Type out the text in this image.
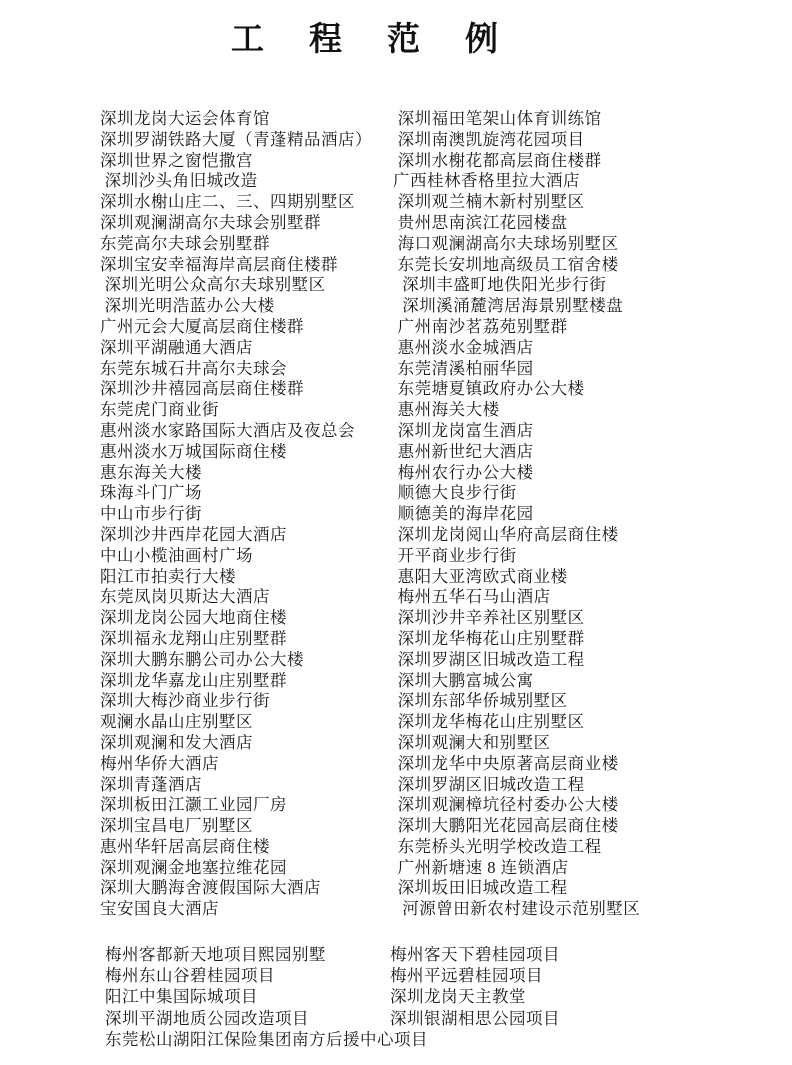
工　程　范　例
深圳龙岗大运会体育馆	深圳福田笔架山体育训练馆
深圳罗湖铁路大厦（青蓬精品酒店）	深圳南澳凯旋湾花园项目
深圳世界之窗恺撒宫	深圳水榭花都高层商住楼群
深圳沙头角旧城改造	广西桂林香格里拉大酒店
深圳水榭山庄二、三、四期别墅区	深圳观兰楠木新村别墅区
深圳观澜湖高尔夫球会别墅群	贵州思南滨江花园楼盘
东莞高尔夫球会别墅群	海口观澜湖高尔夫球场别墅区
深圳宝安幸福海岸高层商住楼群	东莞长安圳地高级员工宿舍楼
深圳光明公众高尔夫球别墅区	深圳丰盛町地佚阳光步行街
深圳光明浩蓝办公大楼	深圳溪涌麓湾居海景别墅楼盘
广州元会大厦高层商住楼群	广州南沙茗荔苑别墅群
深圳平湖融通大酒店	惠州淡水金城酒店
东莞东城石井高尔夫球会	东莞清溪柏丽华园
深圳沙井禧园高层商住楼群	东莞塘夏镇政府办公大楼
东莞虎门商业街	惠州海关大楼
惠州淡水家路国际大酒店及夜总会	深圳龙岗富生酒店
惠州淡水万城国际商住楼	惠州新世纪大酒店
惠东海关大楼	梅州农行办公大楼
珠海斗门广场	顺德大良步行街
中山市步行街	顺德美的海岸花园
深圳沙井西岸花园大酒店	深圳龙岗阅山华府高层商住楼
中山小榄油画村广场	开平商业步行街
阳江市拍卖行大楼	惠阳大亚湾欧式商业楼
东莞凤岗贝斯达大酒店	梅州五华石马山酒店
深圳龙岗公园大地商住楼	深圳沙井辛养社区别墅区
深圳福永龙翔山庄别墅群	深圳龙华梅花山庄别墅群
深圳大鹏东鹏公司办公大楼	深圳罗湖区旧城改造工程
深圳龙华嘉龙山庄别墅群	深圳大鹏富城公寓
深圳大梅沙商业步行街	深圳东部华侨城别墅区
观澜水晶山庄别墅区	深圳龙华梅花山庄别墅区
深圳观澜和发大酒店	深圳观澜大和别墅区
梅州华侨大酒店	深圳龙华中央原著高层商业楼
深圳青蓬酒店	深圳罗湖区旧城改造工程
深圳板田江灏工业园厂房	深圳观澜樟坑径村委办公大楼
深圳宝昌电厂别墅区	深圳大鹏阳光花园高层商住楼
惠州华轩居高层商住楼	东莞桥头光明学校改造工程
深圳观澜金地塞拉维花园	广州新塘速 8 连锁酒店
深圳大鹏海舍渡假国际大酒店	深圳坂田旧城改造工程
宝安国良大酒店	河源曾田新农村建设示范别墅区
梅州客都新天地项目熙园别墅	梅州客天下碧桂园项目
梅州东山谷碧桂园项目	梅州平远碧桂园项目
阳江中集国际城项目	深圳龙岗天主教堂
深圳平湖地质公园改造项目	深圳银湖相思公园项目
东莞松山湖阳江保险集团南方后援中心项目
